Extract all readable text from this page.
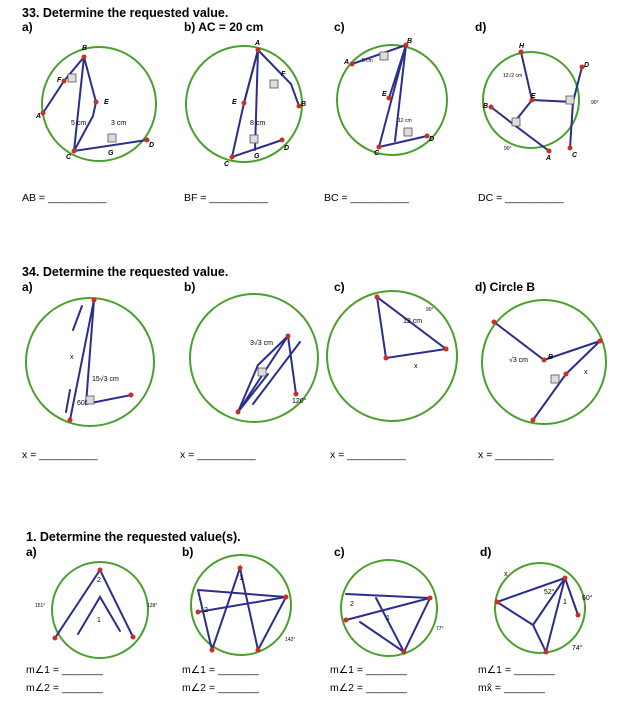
33. Determine the requested value.
a)	b) AC = 20 cm	c)	d)
AB = __________	BF = __________	BC = __________	DC = __________
34. Determine the requested value.
a)	b)	c)	d) Circle B
x = __________	x = __________	x = __________	x = __________
1. Determine the requested value(s).
a)	b)	c)	d)
m∠1 = _______
m∠2 = _______
m∠1 = _______
m∠2 = _______
m∠1 = _______
m∠2 = _______
m∠1 = _______
mx̂ = _______
B
F
A
E
C
G
D
A
F
B
E
C
G
D
A
B
E
C
D
H
D
E
B
A	C
B
5 cm	3 cm	8 cm
5 cm
12 cm
12√2 cm
90°
90°
x
15√3 cm
60°
3√3 cm
120°
12 cm
90°
x
√3 cm
x
2
1
151°	128°
1
2
142°
2
1
77°
x
1
52°
60°
74°
